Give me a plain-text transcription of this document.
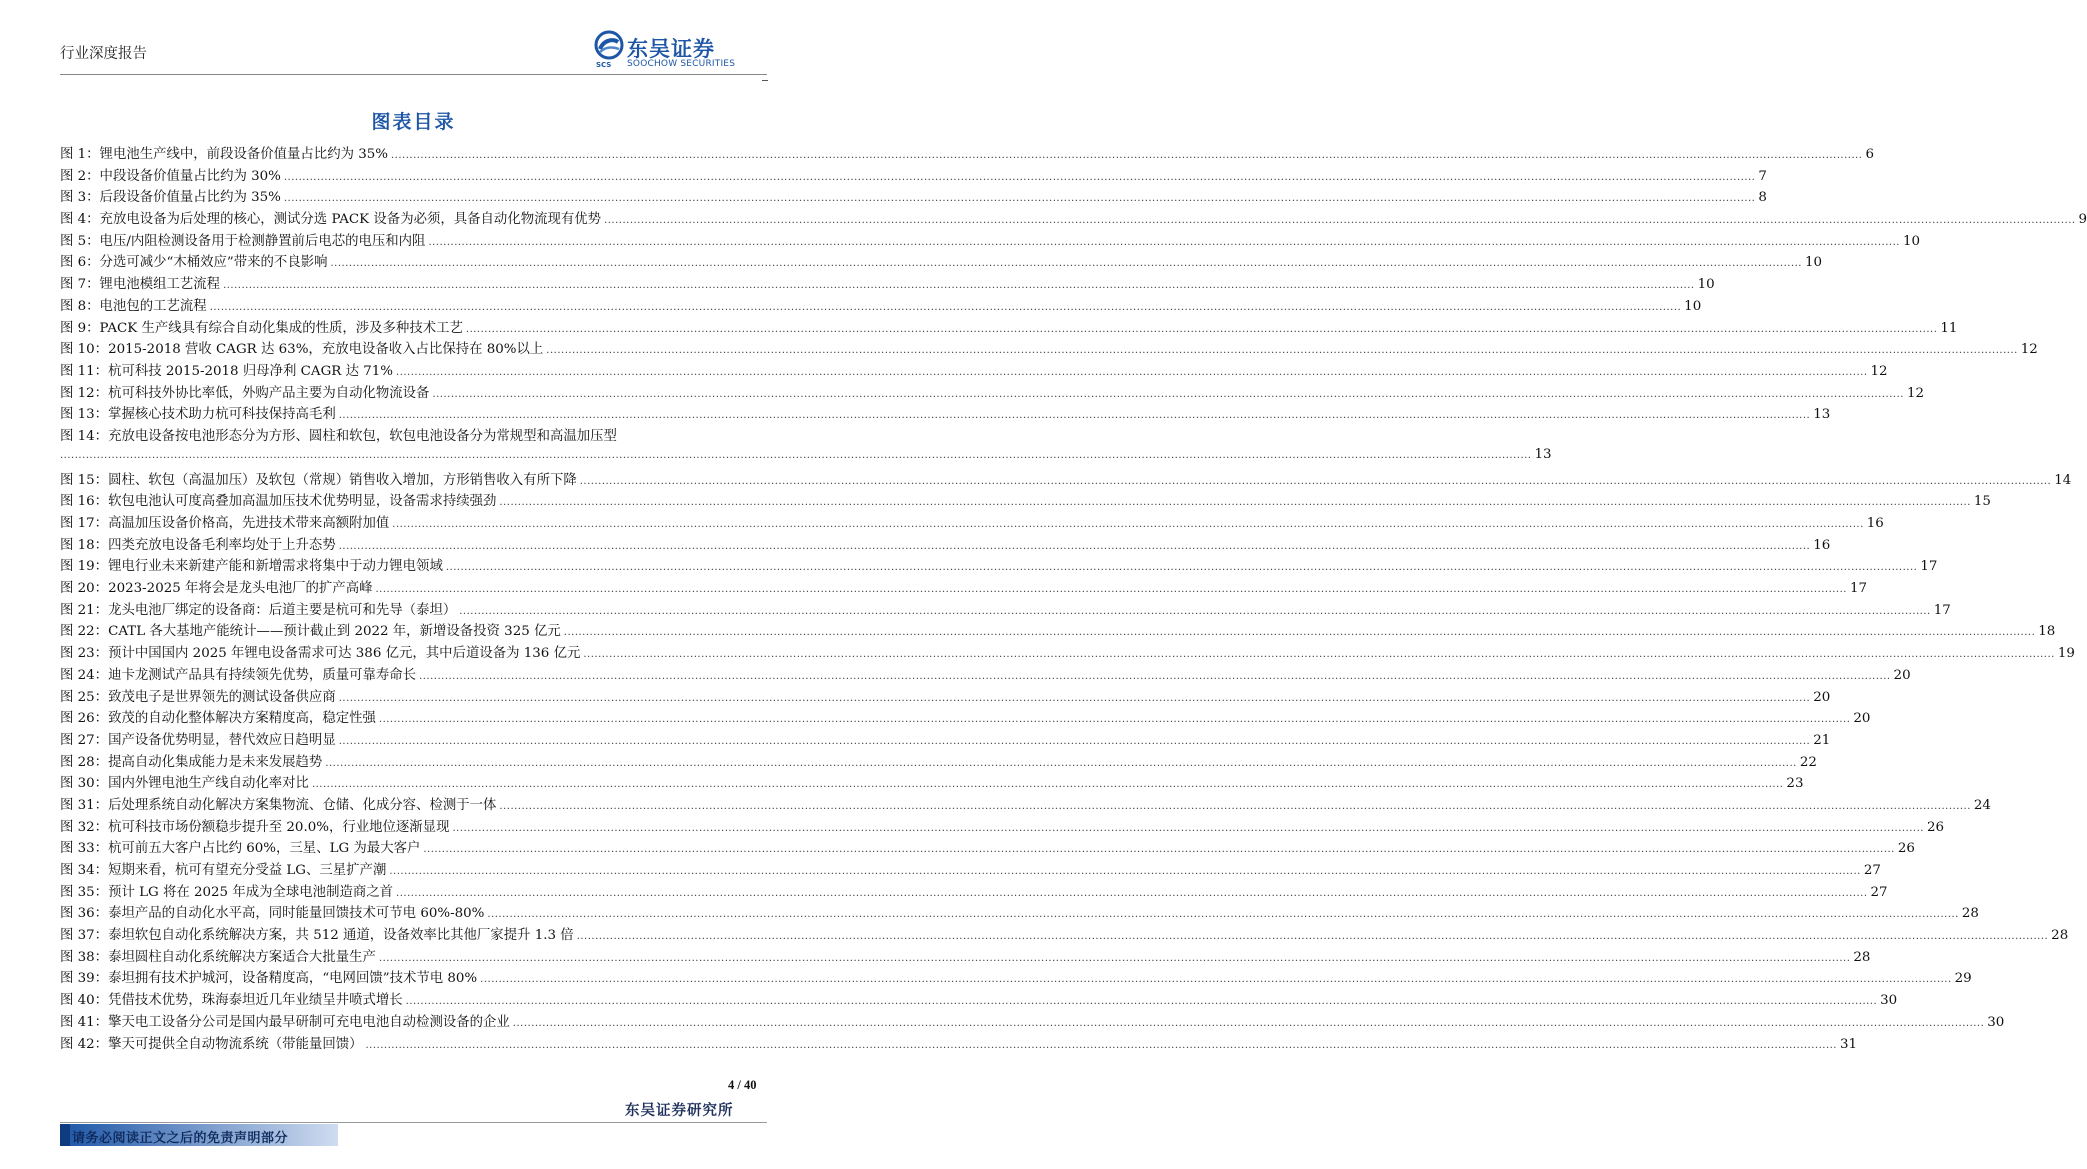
行业深度报告
SCS
东吴证券
SOOCHOW SECURITIES
图表目录
图 1：锂电池生产线中，前段设备价值量占比约为 35% ................................................................................................................................................................................................................................................................................................................................................................................................................ 6
图 2：中段设备价值量占比约为 30% ................................................................................................................................................................................................................................................................................................................................................................................................................ 7
图 3：后段设备价值量占比约为 35% ................................................................................................................................................................................................................................................................................................................................................................................................................ 8
图 4：充放电设备为后处理的核心，测试分选 PACK 设备为必须，具备自动化物流现有优势 ................................................................................................................................................................................................................................................................................................................................................................................................................ 9
图 5：电压/内阻检测设备用于检测静置前后电芯的电压和内阻 ................................................................................................................................................................................................................................................................................................................................................................................................................ 10
图 6：分选可减少“木桶效应”带来的不良影响 ................................................................................................................................................................................................................................................................................................................................................................................................................ 10
图 7：锂电池模组工艺流程 ................................................................................................................................................................................................................................................................................................................................................................................................................ 10
图 8：电池包的工艺流程 ................................................................................................................................................................................................................................................................................................................................................................................................................ 10
图 9：PACK 生产线具有综合自动化集成的性质，涉及多种技术工艺 ................................................................................................................................................................................................................................................................................................................................................................................................................ 11
图 10：2015-2018 营收 CAGR 达 63%，充放电设备收入占比保持在 80%以上 ................................................................................................................................................................................................................................................................................................................................................................................................................ 12
图 11：杭可科技 2015-2018 归母净利 CAGR 达 71% ................................................................................................................................................................................................................................................................................................................................................................................................................ 12
图 12：杭可科技外协比率低，外购产品主要为自动化物流设备 ................................................................................................................................................................................................................................................................................................................................................................................................................ 12
图 13：掌握核心技术助力杭可科技保持高毛利 ................................................................................................................................................................................................................................................................................................................................................................................................................ 13
图 14：充放电设备按电池形态分为方形、圆柱和软包，软包电池设备分为常规型和高温加压型
................................................................................................................................................................................................................................................................................................................................................................................................................ 13
图 15：圆柱、软包（高温加压）及软包（常规）销售收入增加，方形销售收入有所下降 ................................................................................................................................................................................................................................................................................................................................................................................................................ 14
图 16：软包电池认可度高叠加高温加压技术优势明显，设备需求持续强劲 ................................................................................................................................................................................................................................................................................................................................................................................................................ 15
图 17：高温加压设备价格高，先进技术带来高额附加值 ................................................................................................................................................................................................................................................................................................................................................................................................................ 16
图 18：四类充放电设备毛利率均处于上升态势 ................................................................................................................................................................................................................................................................................................................................................................................................................ 16
图 19：锂电行业未来新建产能和新增需求将集中于动力锂电领域 ................................................................................................................................................................................................................................................................................................................................................................................................................ 17
图 20：2023-2025 年将会是龙头电池厂的扩产高峰 ................................................................................................................................................................................................................................................................................................................................................................................................................ 17
图 21：龙头电池厂绑定的设备商：后道主要是杭可和先导（泰坦） ................................................................................................................................................................................................................................................................................................................................................................................................................ 17
图 22：CATL 各大基地产能统计——预计截止到 2022 年，新增设备投资 325 亿元 ................................................................................................................................................................................................................................................................................................................................................................................................................ 18
图 23：预计中国国内 2025 年锂电设备需求可达 386 亿元，其中后道设备为 136 亿元 ................................................................................................................................................................................................................................................................................................................................................................................................................ 19
图 24：迪卡龙测试产品具有持续领先优势，质量可靠寿命长 ................................................................................................................................................................................................................................................................................................................................................................................................................ 20
图 25：致茂电子是世界领先的测试设备供应商 ................................................................................................................................................................................................................................................................................................................................................................................................................ 20
图 26：致茂的自动化整体解决方案精度高，稳定性强 ................................................................................................................................................................................................................................................................................................................................................................................................................ 20
图 27：国产设备优势明显，替代效应日趋明显 ................................................................................................................................................................................................................................................................................................................................................................................................................ 21
图 28：提高自动化集成能力是未来发展趋势 ................................................................................................................................................................................................................................................................................................................................................................................................................ 22
图 30：国内外锂电池生产线自动化率对比 ................................................................................................................................................................................................................................................................................................................................................................................................................ 23
图 31：后处理系统自动化解决方案集物流、仓储、化成分容、检测于一体 ................................................................................................................................................................................................................................................................................................................................................................................................................ 24
图 32：杭可科技市场份额稳步提升至 20.0%，行业地位逐渐显现 ................................................................................................................................................................................................................................................................................................................................................................................................................ 26
图 33：杭可前五大客户占比约 60%，三星、LG 为最大客户 ................................................................................................................................................................................................................................................................................................................................................................................................................ 26
图 34：短期来看，杭可有望充分受益 LG、三星扩产潮 ................................................................................................................................................................................................................................................................................................................................................................................................................ 27
图 35：预计 LG 将在 2025 年成为全球电池制造商之首 ................................................................................................................................................................................................................................................................................................................................................................................................................ 27
图 36：泰坦产品的自动化水平高，同时能量回馈技术可节电 60%-80% ................................................................................................................................................................................................................................................................................................................................................................................................................ 28
图 37：泰坦软包自动化系统解决方案，共 512 通道，设备效率比其他厂家提升 1.3 倍 ................................................................................................................................................................................................................................................................................................................................................................................................................ 28
图 38：泰坦圆柱自动化系统解决方案适合大批量生产 ................................................................................................................................................................................................................................................................................................................................................................................................................ 28
图 39：泰坦拥有技术护城河，设备精度高，“电网回馈”技术节电 80% ................................................................................................................................................................................................................................................................................................................................................................................................................ 29
图 40：凭借技术优势，珠海泰坦近几年业绩呈井喷式增长 ................................................................................................................................................................................................................................................................................................................................................................................................................ 30
图 41：擎天电工设备分公司是国内最早研制可充电电池自动检测设备的企业 ................................................................................................................................................................................................................................................................................................................................................................................................................ 30
图 42：擎天可提供全自动物流系统（带能量回馈） ................................................................................................................................................................................................................................................................................................................................................................................................................ 31
4 / 40
东吴证券研究所
请务必阅读正文之后的免责声明部分
